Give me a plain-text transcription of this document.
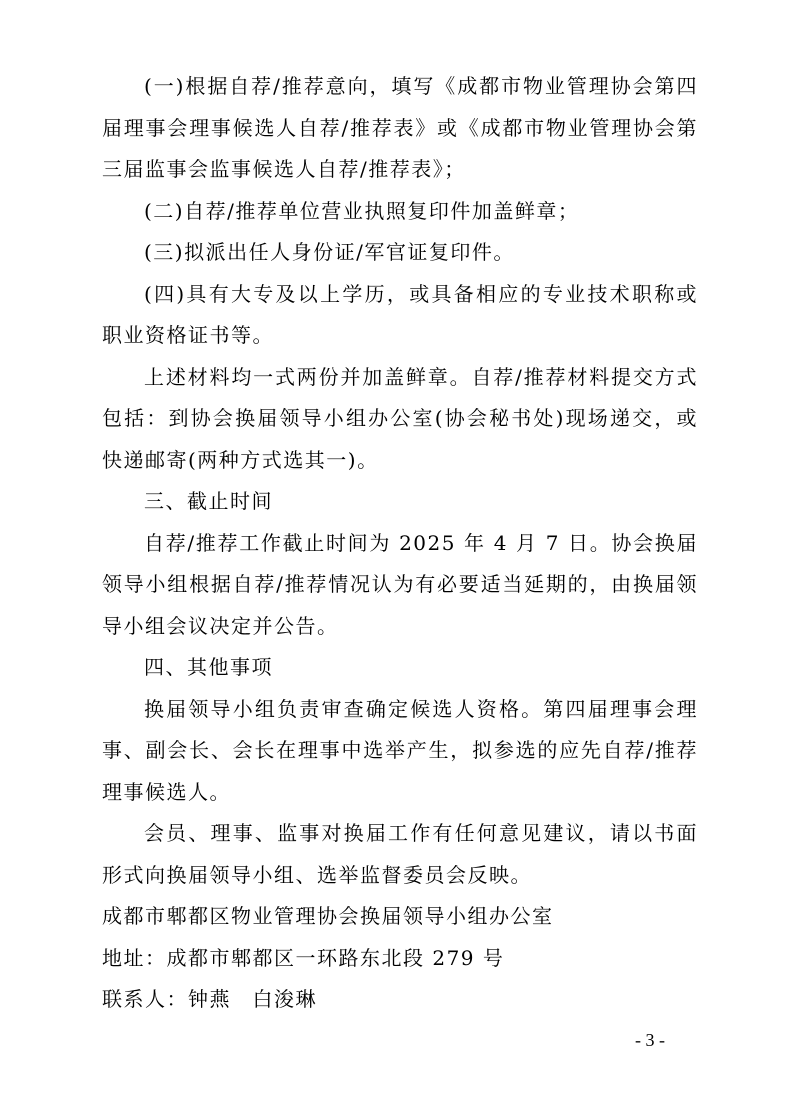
(一)根据自荐/推荐意向，填写《成都市物业管理协会第四届理事会理事候选人自荐/推荐表》或《成都市物业管理协会第三届监事会监事候选人自荐/推荐表》；

(二)自荐/推荐单位营业执照复印件加盖鲜章；

(三)拟派出任人身份证/军官证复印件。

(四)具有大专及以上学历，或具备相应的专业技术职称或职业资格证书等。

上述材料均一式两份并加盖鲜章。自荐/推荐材料提交方式包括：到协会换届领导小组办公室(协会秘书处)现场递交，或快递邮寄(两种方式选其一)。

三、截止时间

自荐/推荐工作截止时间为 2025 年 4 月 7 日。协会换届领导小组根据自荐/推荐情况认为有必要适当延期的，由换届领导小组会议决定并公告。

四、其他事项

换届领导小组负责审查确定候选人资格。第四届理事会理事、副会长、会长在理事中选举产生，拟参选的应先自荐/推荐理事候选人。

会员、理事、监事对换届工作有任何意见建议，请以书面形式向换届领导小组、选举监督委员会反映。

成都市郫都区物业管理协会换届领导小组办公室

地址：成都市郫都区一环路东北段 279 号

联系人：钟燕　白浚琳

- 3 -
